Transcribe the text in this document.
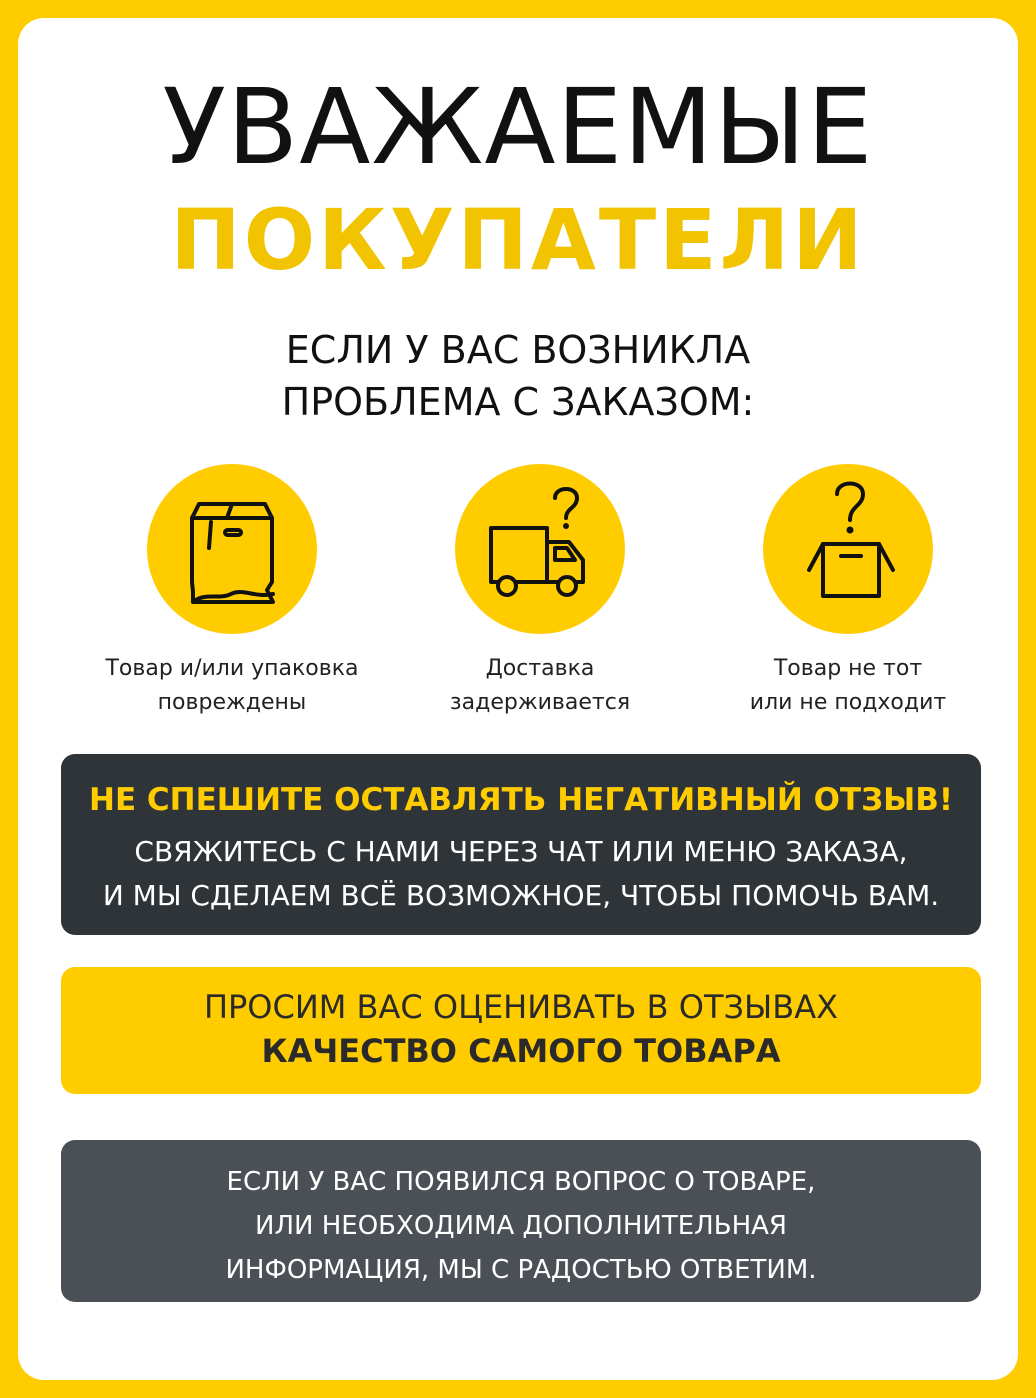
УВАЖАЕМЫЕ
ПОКУПАТЕЛИ
ЕСЛИ У ВАС ВОЗНИКЛА
ПРОБЛЕМА С ЗАКАЗОМ:
Товар и/или упаковка
повреждены
Доставка
задерживается
Товар не тот
или не подходит
НЕ СПЕШИТЕ ОСТАВЛЯТЬ НЕГАТИВНЫЙ ОТЗЫВ!
СВЯЖИТЕСЬ С НАМИ ЧЕРЕЗ ЧАТ ИЛИ МЕНЮ ЗАКАЗА,
И МЫ СДЕЛАЕМ ВСЁ ВОЗМОЖНОЕ, ЧТОБЫ ПОМОЧЬ ВАМ.
ПРОСИМ ВАС ОЦЕНИВАТЬ В ОТЗЫВАХ
КАЧЕСТВО САМОГО ТОВАРА
ЕСЛИ У ВАС ПОЯВИЛСЯ ВОПРОС О ТОВАРЕ,
ИЛИ НЕОБХОДИМА ДОПОЛНИТЕЛЬНАЯ
ИНФОРМАЦИЯ, МЫ С РАДОСТЬЮ ОТВЕТИМ.
